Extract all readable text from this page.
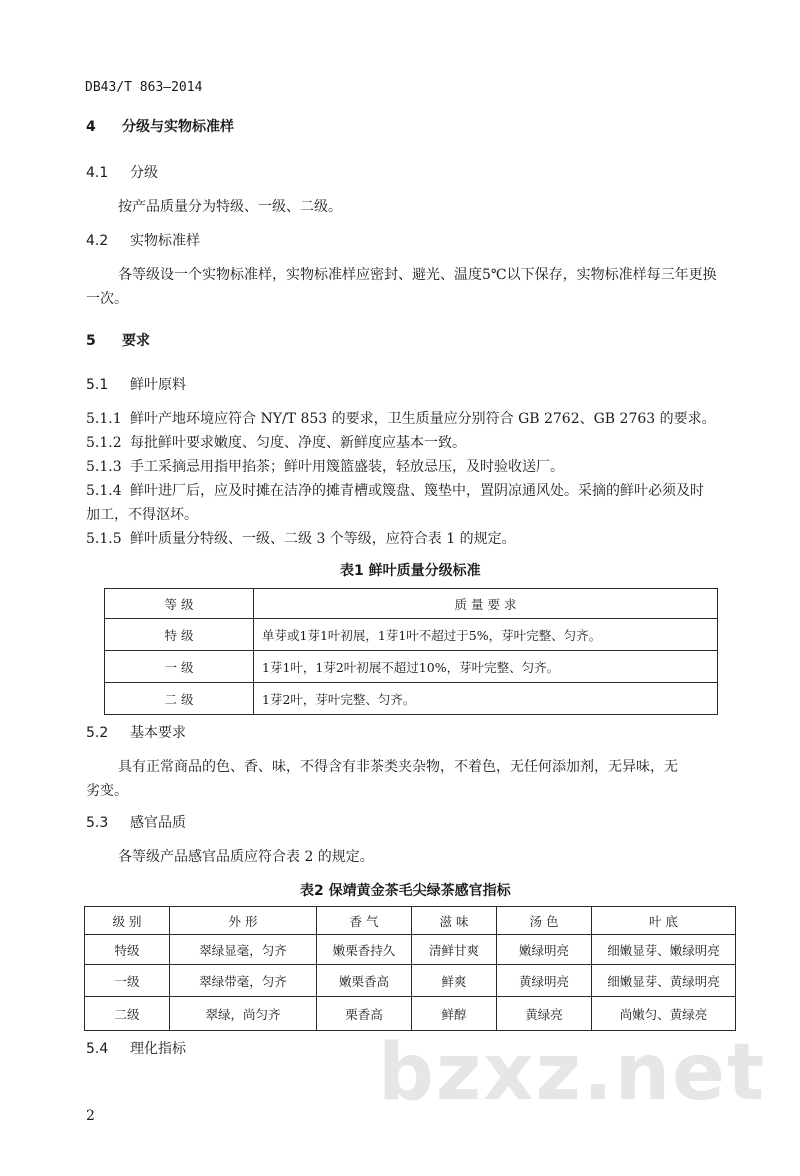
DB43/T 863—2014
4 分级与实物标准样
4.1 分级
按产品质量分为特级、一级、二级。
4.2 实物标准样
各等级设一个实物标准样，实物标准样应密封、避光、温度5℃以下保存，实物标准样每三年更换
一次。
5 要求
5.1 鲜叶原料
5.1.1 鲜叶产地环境应符合 NY/T 853 的要求，卫生质量应分别符合 GB 2762、GB 2763 的要求。
5.1.2 每批鲜叶要求嫩度、匀度、净度、新鲜度应基本一致。
5.1.3 手工采摘忌用指甲掐茶；鲜叶用篾篮盛装，轻放忌压，及时验收送厂。
5.1.4 鲜叶进厂后，应及时摊在洁净的摊青槽或篾盘、篾垫中，置阴凉通风处。采摘的鲜叶必须及时
加工，不得沤坏。
5.1.5 鲜叶质量分特级、一级、二级 3 个等级，应符合表 1 的规定。
表1 鲜叶质量分级标准
等 级	质 量 要 求
特 级	单芽或1芽1叶初展，1芽1叶不超过于5%，芽叶完整、匀齐。
一 级	1芽1叶，1芽2叶初展不超过10%，芽叶完整、匀齐。
二 级	1芽2叶，芽叶完整、匀齐。
5.2 基本要求
具有正常商品的色、香、味，不得含有非茶类夹杂物，不着色，无任何添加剂，无异味，无
劣变。
5.3 感官品质
各等级产品感官品质应符合表 2 的规定。
表2 保靖黄金茶毛尖绿茶感官指标
级 别	外 形	香 气	滋 味	汤 色	叶 底
特级	翠绿显毫，匀齐	嫩栗香持久	清鲜甘爽	嫩绿明亮	细嫩显芽、嫩绿明亮
一级	翠绿带毫，匀齐	嫩栗香高	鲜爽	黄绿明亮	细嫩显芽、黄绿明亮
二级	翠绿，尚匀齐	栗香高	鲜醇	黄绿亮	尚嫩匀、黄绿亮
5.4 理化指标 bzxz.net
2
